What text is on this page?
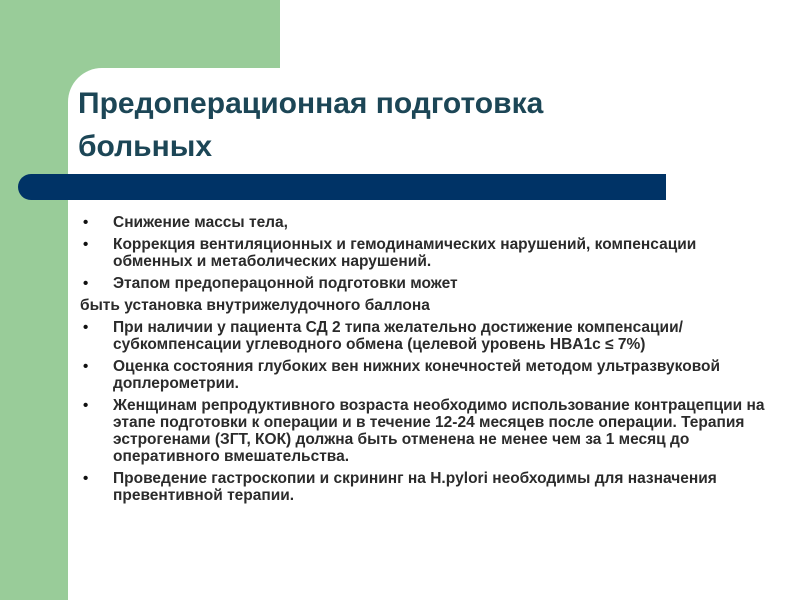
Предоперационная подготовка больных
• Снижение массы тела,
• Коррекция вентиляционных и гемодинамических нарушений, компенсации обменных и метаболических нарушений.
• Этапом предоперацонной подготовки может
быть установка внутрижелудочного баллона
• При наличии у пациента СД 2 типа желательно достижение компенсации/субкомпенсации углеводного обмена (целевой уровень HBA1c ≤ 7%)
• Оценка состояния глубоких вен нижних конечностей методом ультразвуковой доплерометрии.
• Женщинам репродуктивного возраста необходимо использование контрацепции на этапе подготовки к операции и в течение 12-24 месяцев после операции. Терапия эстрогенами (ЗГТ, КОК) должна быть отменена не менее чем за 1 месяц до оперативного вмешательства.
• Проведение гастроскопии и скрининг на H.pylori необходимы для назначения превентивной терапии.
